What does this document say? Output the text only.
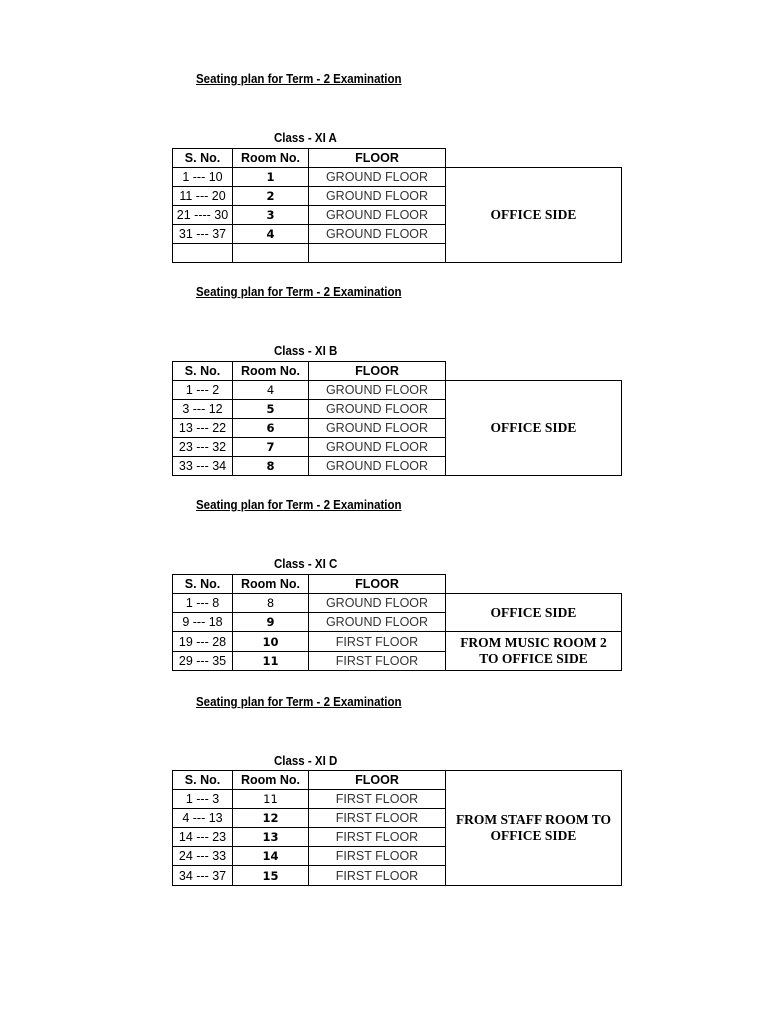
Seating plan for Term - 2 Examination
Class - XI A
S. No.	Room No.	FLOOR
1 --- 10	1	GROUND FLOOR
11 --- 20	2	GROUND FLOOR
21 ---- 30	3	GROUND FLOOR
31 --- 37	4	GROUND FLOOR
OFFICE SIDE
Seating plan for Term - 2 Examination
Class - XI B
S. No.	Room No.	FLOOR
1 --- 2	4	GROUND FLOOR
3 --- 12	5	GROUND FLOOR
13 --- 22	6	GROUND FLOOR
23 --- 32	7	GROUND FLOOR
33 --- 34	8	GROUND FLOOR
OFFICE SIDE
Seating plan for Term - 2 Examination
Class - XI C
S. No.	Room No.	FLOOR
1 --- 8	8	GROUND FLOOR
9 --- 18	9	GROUND FLOOR
19 --- 28	10	FIRST FLOOR
29 --- 35	11	FIRST FLOOR
OFFICE SIDE
FROM MUSIC ROOM 2 TO OFFICE SIDE
Seating plan for Term - 2 Examination
Class - XI D
S. No.	Room No.	FLOOR
1 --- 3	11	FIRST FLOOR
4 --- 13	12	FIRST FLOOR
14 --- 23	13	FIRST FLOOR
24 --- 33	14	FIRST FLOOR
34 --- 37	15	FIRST FLOOR
FROM STAFF ROOM TO OFFICE SIDE
